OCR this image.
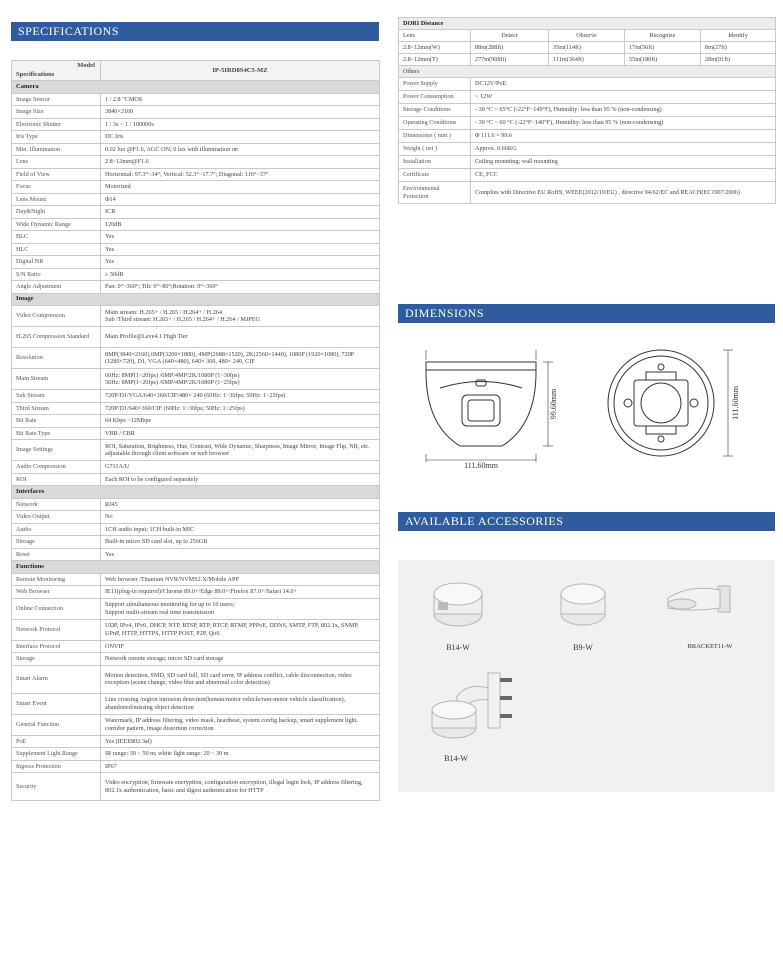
SPECIFICATIONS
DIMENSIONS
AVAILABLE ACCESSORIES
Model
Specifications	IP-5IRD8S4C5-MZ
Camera	
Image Sensor	1 / 2.8 "CMOS
Image Size	3840×2160
Electronic Shutter	1 / 3s ~ 1 / 100000s
Iris Type	DC Iris
Min. Illumination	0.02 lux @F1.6, AGC ON; 0 lux with illumination on
Lens	2.8~12mm@F1.6
Field of View	Horizontal: 97.3°~34°; Vertical: 52.3°~17.7°; Diagonal: 116°~37°
Focus	Motorized
Lens Mount	Φ14
Day&Night	ICR
Wide Dynamic Range	120dB
BLC	Yes
HLC	Yes
Digital NR	Yes
S/N Ratio	≥ 50dB
Angle Adjustment	Pan: 0°~360°; Tilt: 0°~80°;Rotation: 0°~360°
Image	
Video Compression	Main stream: H.265+ / H.265 / H.264+ / H.264
Sub /Third stream: H.265+ / H.265 / H.264+ / H.264 / MJPEG
H.265 Compression Standard	Main Profile@Leve4.1 High Tier
Resolution	8MP(3840×2160),6MP(3200×1800), 4MP(2688×1520), 2K(2560×1440), 1080P (1920×1080), 720P (1280×720), D1, VGA (640×480), 640× 360, 480× 240, CIF
Main Stream	60Hz: 8MP(1~20fps) /6MP/4MP/2K/1080P (1~30fps)
50Hz: 8MP(1~20fps) /6MP/4MP/2K/1080P (1~25fps)
Sub Stream	720P/D1/VGA/640×360/CIF/480× 240 (60Hz: 1~30fps; 50Hz: 1~25fps)
Third Stream	720P/D1/640×360/CIF (60Hz: 1~30fps; 50Hz: 1~25fps)
Bit Rate	64 Kbps ~12Mbps
Bit Rate Type	VBR / CBR
Image Settings	ROI, Saturation, Brightness, Hue, Contrast, Wide Dynamic, Sharpness, Image Mirror, Image Flip, NR, etc. adjustable through client software or web browser
Audio Compression	G711A/U
ROI	Each ROI to be configured separately
Interfaces	
Network	RJ45
Video Output	No
Audio	1CH audio input; 1CH built-in MIC
Storage	Built-in micro SD card slot, up to 256GB
Reset	Yes
Functions	
Remote Monitoring	Web browser /Titanium NVR/NVMS2.X/Mobile APP
Web Browser	IE11(plug-in required)/Chrome 89.0+/Edge 89.0+/Firefox 87.0+/Safari 14.0+
Online Connection	Support simultaneous monitoring for up to 10 users;
Support multi-stream real time transmission
Network Protocol	UDP, IPv4, IPv6, DHCP, NTP, RTSP, RTP, RTCP, RTMP, PPPoE, DDNS, SMTP, FTP, 802.1x, SNMP, UPnP, HTTP, HTTPS, HTTP POST, P2P, QoS
Interface Protocol	ONVIF
Storage	Network remote storage; micro SD card storage
Smart Alarm	Motion detection, SMD, SD card full, SD card error, IP address conflict, cable disconnection, video exception (scene change, video blur and abnormal color detection)
Smart Event	Line crossing /region intrusion detection(human/motor vehicle/non-motor vehicle classification), abandoned/missing object detection
General Function	Watermark, IP address filtering, video mask, heartbeat, system config backup, smart supplement light, corridor pattern, image distortion correction
PoE	Yes (IEEE802.3af)
Supplement Light Range	IR range: 30 ~ 50 m; white light range: 20 ~ 30 m
Ingress Protection	IP67
Security	Video encryption, firmware encryption, configuration encryption, illegal login lock, IP address filtering, 802.1x authentication, basic and digest authentication for HTTP
DORI Distance				
Lens	Detect	Observe	Recognize	Identify
2.8~12mm(W)	88m(288ft)	35m(114ft)	17m(56ft)	8m(27ft)
2.8~12mm(T)	277m(908ft)	111m(364ft)	55m(180ft)	28m(91ft)
Others				
Power Supply	DC12V/PoE			
Power Consumption	< 12W			
Storage Conditions	- 30 °C ~ 65°C (-22°F~149°F), Humidity: less than 95 % (non-condensing)			
Operating Conditions	- 30 °C ~ 60 °C (-22°F~140°F), Humidity: less than 95 % (non-condensing)			
Dimensions ( mm )	Φ 111.6 × 99.6			
Weight ( net )	Approx. 0.66KG			
Installation	Ceiling mounting; wall mounting			
Certificate	CE, FCC			
Environmental Protection	Complies with Directive EU RoHS, WEEE(2012/19/EU) , directive 94/62/EC and REACH(EC1907/2006)			
111.60mm
99.60mm	111.60mm
B14-W	B9-W	BRACKET11-W
B14-W
